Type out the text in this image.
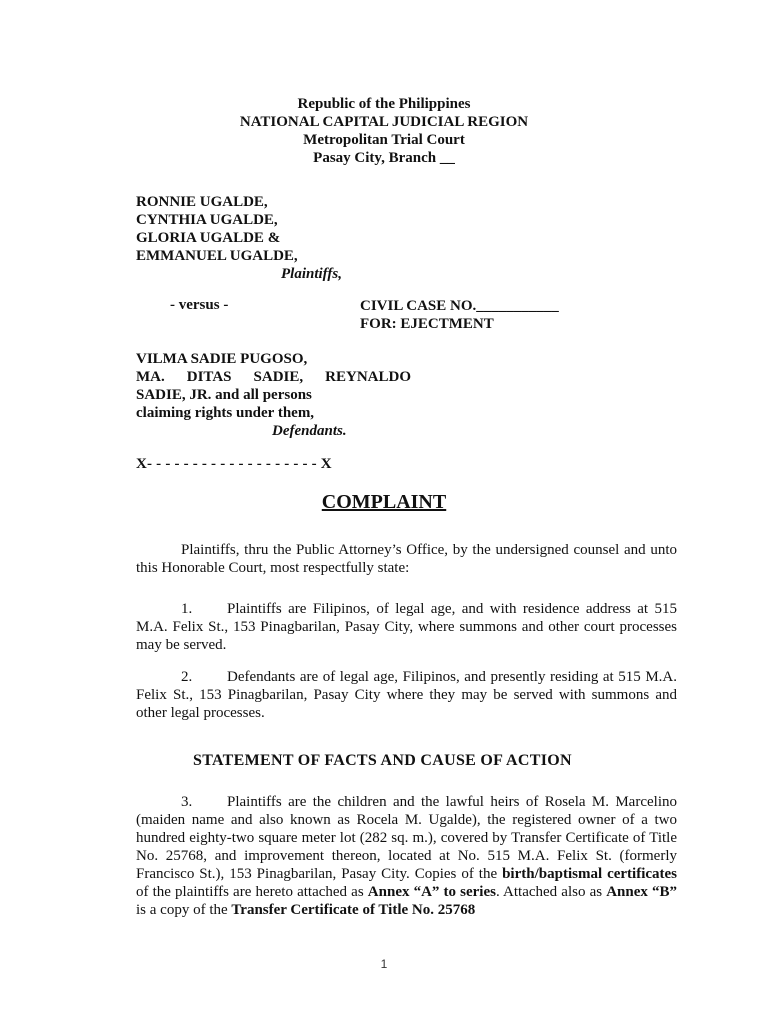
Republic of the Philippines
NATIONAL CAPITAL JUDICIAL REGION
Metropolitan Trial Court
Pasay City, Branch __
RONNIE UGALDE,
CYNTHIA UGALDE,
GLORIA UGALDE &
EMMANUEL UGALDE,
Plaintiffs,
- versus -	CIVIL CASE NO.___________
FOR: EJECTMENT
VILMA SADIE PUGOSO,
MA. DITAS SADIE, REYNALDO
SADIE, JR. and all persons
claiming rights under them,
Defendants.
X- - - - - - - - - - - - - - - - - - - X
COMPLAINT
Plaintiffs, thru the Public Attorney’s Office, by the undersigned counsel and unto this Honorable Court, most respectfully state:
1. Plaintiffs are Filipinos, of legal age, and with residence address at 515 M.A. Felix St., 153 Pinagbarilan, Pasay City, where summons and other court processes may be served.
2. Defendants are of legal age, Filipinos, and presently residing at 515 M.A. Felix St., 153 Pinagbarilan, Pasay City where they may be served with summons and other legal processes.
STATEMENT OF FACTS AND CAUSE OF ACTION
3. Plaintiffs are the children and the lawful heirs of Rosela M. Marcelino (maiden name and also known as Rocela M. Ugalde), the registered owner of a two hundred eighty-two square meter lot (282 sq. m.), covered by Transfer Certificate of Title No. 25768, and improvement thereon, located at No. 515 M.A. Felix St. (formerly Francisco St.), 153 Pinagbarilan, Pasay City. Copies of the birth/baptismal certificates of the plaintiffs are hereto attached as Annex “A” to series. Attached also as Annex “B” is a copy of the Transfer Certificate of Title No. 25768
1
